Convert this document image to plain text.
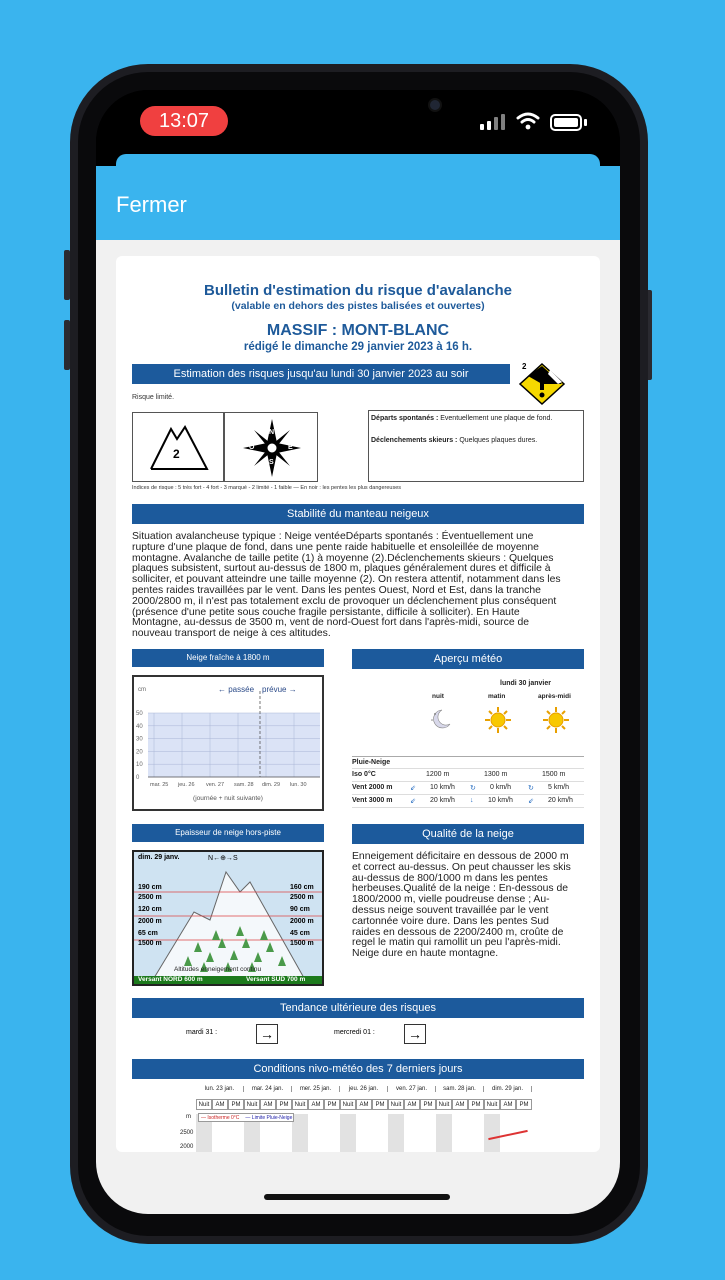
13:07
Fermer
Bulletin d'estimation du risque d'avalanche
(valable en dehors des pistes balisées et ouvertes)
MASSIF : MONT-BLANC
rédigé le dimanche 29 janvier 2023 à 16 h.
Estimation des risques jusqu'au lundi 30 janvier 2023 au soir
2
Risque limité.
2
N
E
S
O
Départs spontanés : Eventuellement une plaque de fond.
Déclenchements skieurs : Quelques plaques dures.
Indices de risque : 5 très fort - 4 fort - 3 marqué - 2 limité - 1 faible — En noir : les pentes les plus dangereuses
Stabilité du manteau neigeux
Situation avalancheuse typique : Neige ventéeDéparts spontanés : Éventuellement une
rupture d'une plaque de fond, dans une pente raide habituelle et ensoleillée de moyenne
montagne. Avalanche de taille petite (1) à moyenne (2).Déclenchements skieurs : Quelques
plaques subsistent, surtout au-dessus de 1800 m, plaques généralement dures et difficile à
solliciter, et pouvant atteindre une taille moyenne (2). On restera attentif, notamment dans les
pentes raides travaillées par le vent. Dans les pentes Ouest, Nord et Est, dans la tranche
2000/2800 m, il n'est pas totalement exclu de provoquer un déclenchement plus conséquent
(présence d'une petite sous couche fragile persistante, difficile à solliciter). En Haute
Montagne, au-dessus de 3500 m, vent de nord-Ouest fort dans l'après-midi, source de
nouveau transport de neige à ces altitudes.
Neige fraîche à 1800 m
cm	← passée prévue →
50
40
30
20
10
0
mar. 25 jeu. 26 ven. 27 sam. 28 dim. 29 lun. 30
(journée + nuit suivante)
Aperçu météo
lundi 30 janvier
Pluie-Neige
Iso 0°C	1200 m	1300 m	1500 m
Vent 2000 m	⇙ 10 km/h ↻ 0 km/h ↻ 5 km/h
Vent 3000 m	⇙ 20 km/h ↓ 10 km/h ⇙ 20 km/h
Epaisseur de neige hors-piste
dim. 29 janv.	N←⊕→S
190 cm
2500 m
120 cm
2000 m
65 cm
1500 m
160 cm
2500 m
90 cm
2000 m
45 cm
1500 m
Altitudes enneigement continu
Versant NORD 600 m	Versant SUD 700 m
Qualité de la neige
Enneigement déficitaire en dessous de 2000 m
et correct au-dessus. On peut chausser les skis
au-dessus de 800/1000 m dans les pentes
herbeuses.Qualité de la neige : En-dessous de
1800/2000 m, vielle poudreuse dense ; Au-
dessus neige souvent travaillée par le vent
cartonnée voire dure. Dans les pentes Sud
raides en dessous de 2200/2400 m, croûte de
regel le matin qui ramollit un peu l'après-midi.
Neige dure en haute montagne.
Tendance ultérieure des risques
mardi 31 :	→	mercredi 01 : →
Conditions nivo-météo des 7 derniers jours
lun. 23 jan.
Nuit	AM	PM
mar. 24 jan.
Nuit	AM	PM
mer. 25 jan.
Nuit	AM	PM
jeu. 26 jan.
Nuit	AM	PM
ven. 27 jan.
Nuit	AM	PM
sam. 28 jan.
Nuit	AM	PM
dim. 29 jan.
Nuit	AM	PM
m	— Isotherme 0°C — Limite Pluie-Neige
2500
2000
nuit	matin	après-midi
